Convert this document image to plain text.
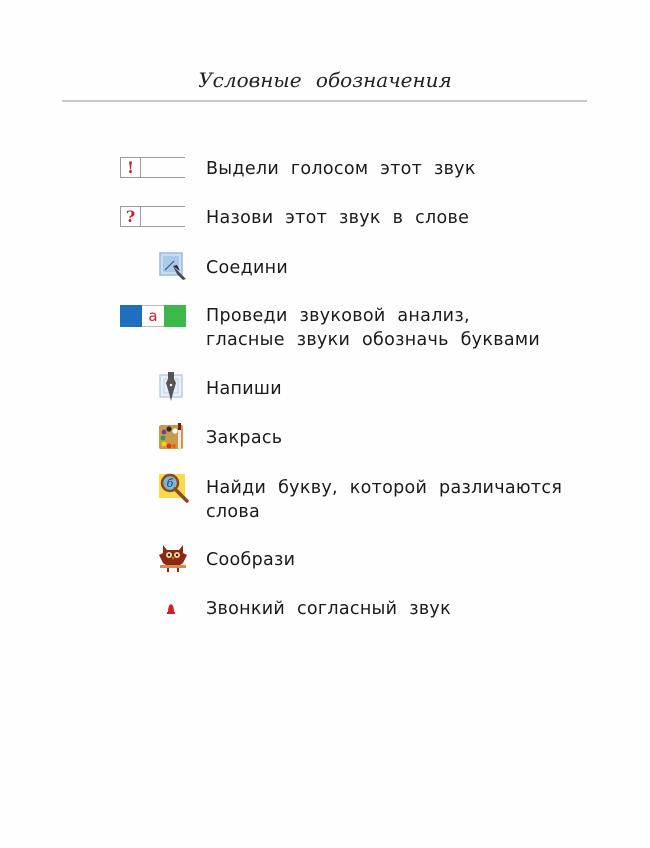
Условные обозначения
!	Выдели голосом этот звук
?	Назови этот звук в слове
Соедини
а	Проведи звуковой анализ,
гласные звуки обозначь буквами
Напиши
Закрась
б Найди букву, которой различаются
слова
Сообрази
Звонкий согласный звук
